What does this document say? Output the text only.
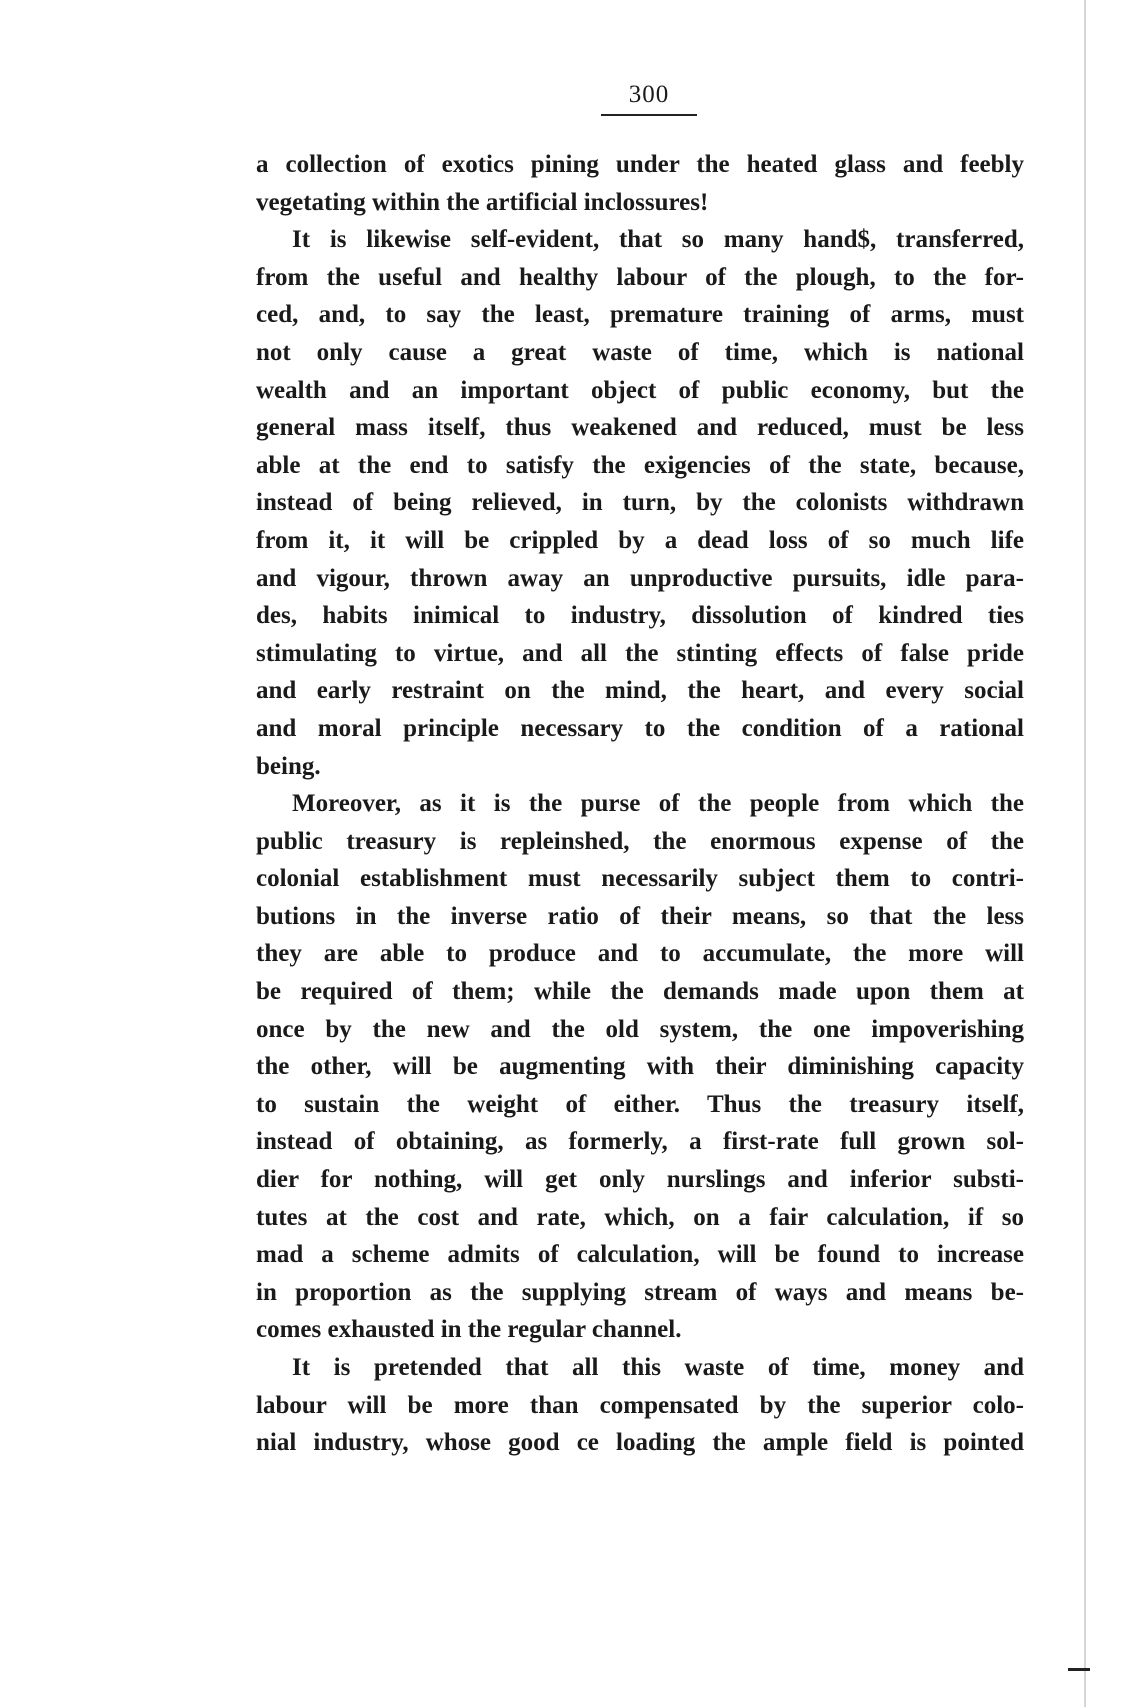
300
a collection of exotics pining under the heated glass and feebly
vegetating within the artificial inclossures!
It is likewise self-evident, that so many hand$, transferred,
from the useful and healthy labour of the plough, to the for-
ced, and, to say the least, premature training of arms, must
not only cause a great waste of time, which is national
wealth and an important object of public economy, but the
general mass itself, thus weakened and reduced, must be less
able at the end to satisfy the exigencies of the state, because,
instead of being relieved, in turn, by the colonists withdrawn
from it, it will be crippled by a dead loss of so much life
and vigour, thrown away an unproductive pursuits, idle para-
des, habits inimical to industry, dissolution of kindred ties
stimulating to virtue, and all the stinting effects of false pride
and early restraint on the mind, the heart, and every social
and moral principle necessary to the condition of a rational
being.
Moreover, as it is the purse of the people from which the
public treasury is repleinshed, the enormous expense of the
colonial establishment must necessarily subject them to contri-
butions in the inverse ratio of their means, so that the less
they are able to produce and to accumulate, the more will
be required of them; while the demands made upon them at
once by the new and the old system, the one impoverishing
the other, will be augmenting with their diminishing capacity
to sustain the weight of either. Thus the treasury itself,
instead of obtaining, as formerly, a first-rate full grown sol-
dier for nothing, will get only nurslings and inferior substi-
tutes at the cost and rate, which, on a fair calculation, if so
mad a scheme admits of calculation, will be found to increase
in proportion as the supplying stream of ways and means be-
comes exhausted in the regular channel.
It is pretended that all this waste of time, money and
labour will be more than compensated by the superior colo-
nial industry, whose good ce loading the ample field is pointed
